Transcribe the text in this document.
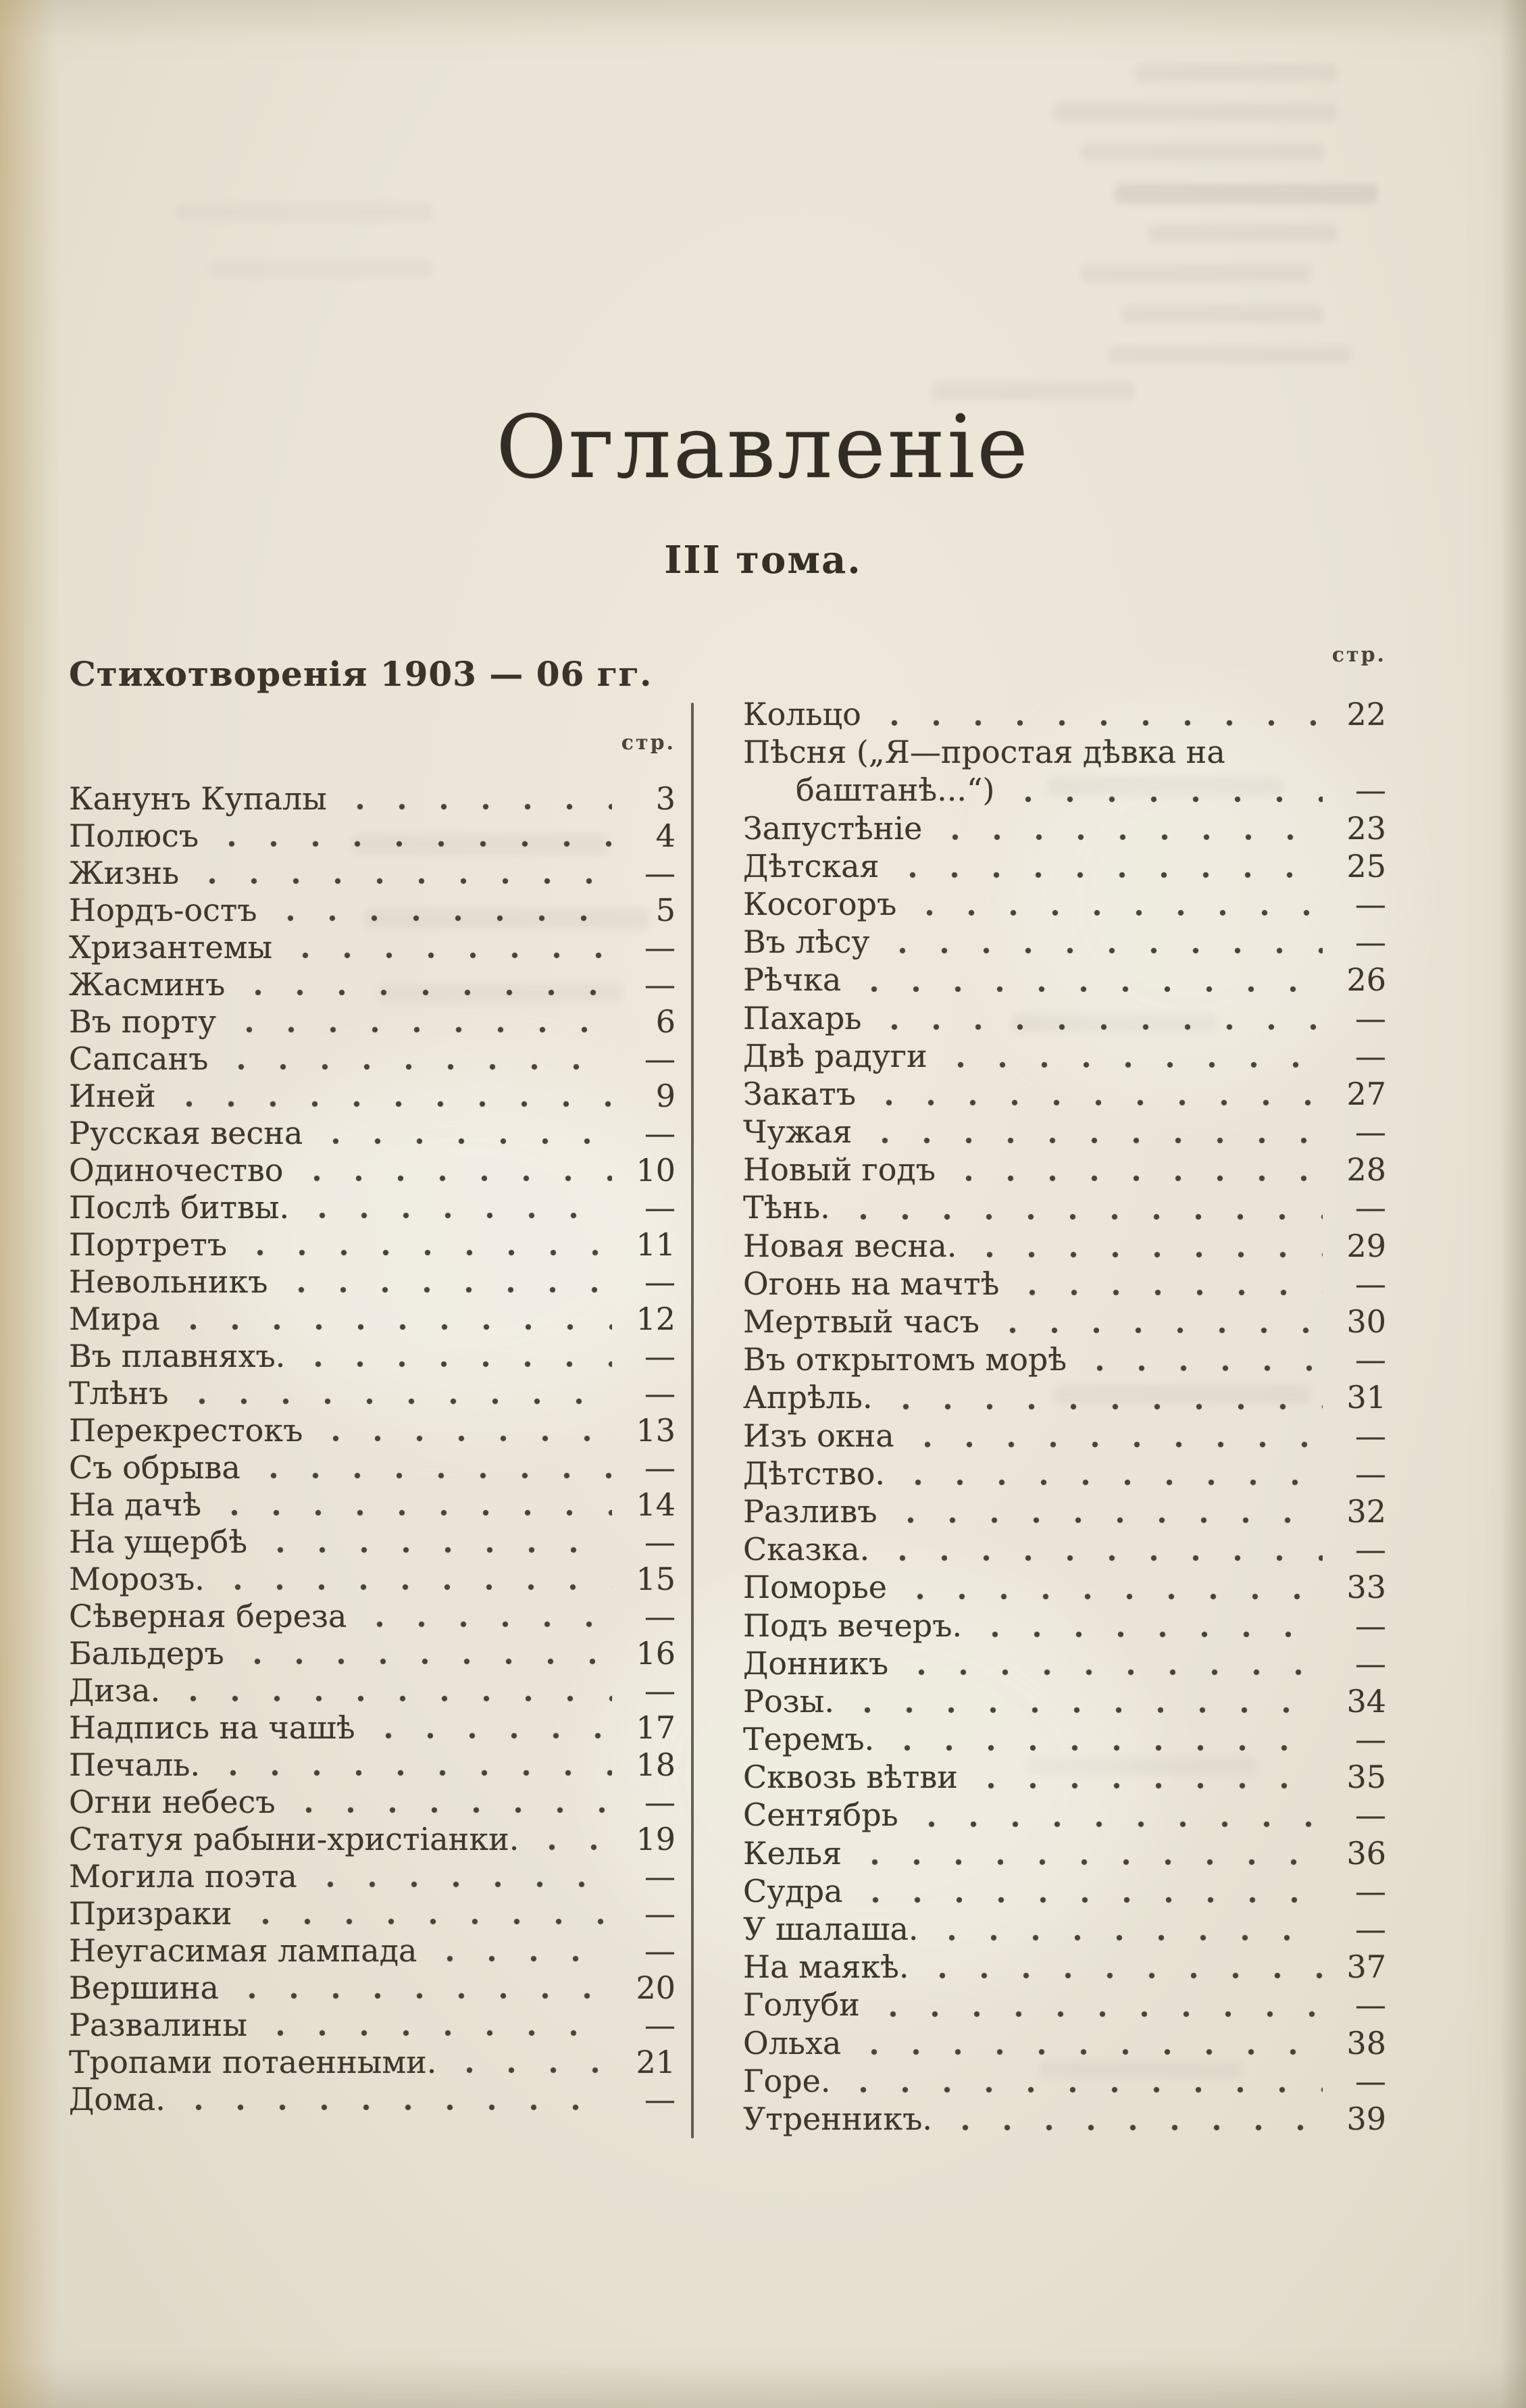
Оглавленіе
III тома.
Стихотворенія 1903 — 06 гг.
стр.
Канунъ Купалы	3
Полюсъ	4
Жизнь	—
Нордъ-остъ	5
Хризантемы	—
Жасминъ	—
Въ порту	6
Сапсанъ	—
Иней	9
Русская весна	—
Одиночество	10
Послѣ битвы.	—
Портретъ	11
Невольникъ	—
Мира	12
Въ плавняхъ.	—
Тлѣнъ	—
Перекрестокъ	13
Съ обрыва	—
На дачѣ	14
На ущербѣ	—
Морозъ.	15
Сѣверная береза	—
Бальдеръ	16
Диза.	—
Надпись на чашѣ	17
Печаль.	18
Огни небесъ	—
Статуя рабыни-христіанки.	19
Могила поэта	—
Призраки	—
Неугасимая лампада	—
Вершина	20
Развалины	—
Тропами потаенными.	21
Дома.	—
стр.
Кольцо	22
Пѣсня („Я—простая дѣвка на
баштанѣ...“)	—
Запустѣніе	23
Дѣтская	25
Косогоръ	—
Въ лѣсу	—
Рѣчка	26
Пахарь	—
Двѣ радуги	—
Закатъ	27
Чужая	—
Новый годъ	28
Тѣнь.	—
Новая весна.	29
Огонь на мачтѣ	—
Мертвый часъ	30
Въ открытомъ морѣ	—
Апрѣль.	31
Изъ окна	—
Дѣтство.	—
Разливъ	32
Сказка.	—
Поморье	33
Подъ вечеръ.	—
Донникъ	—
Розы.	34
Теремъ.	—
Сквозь вѣтви	35
Сентябрь	—
Келья	36
Судра	—
У шалаша.	—
На маякѣ.	37
Голуби	—
Ольха	38
Горе.	—
Утренникъ.	39
